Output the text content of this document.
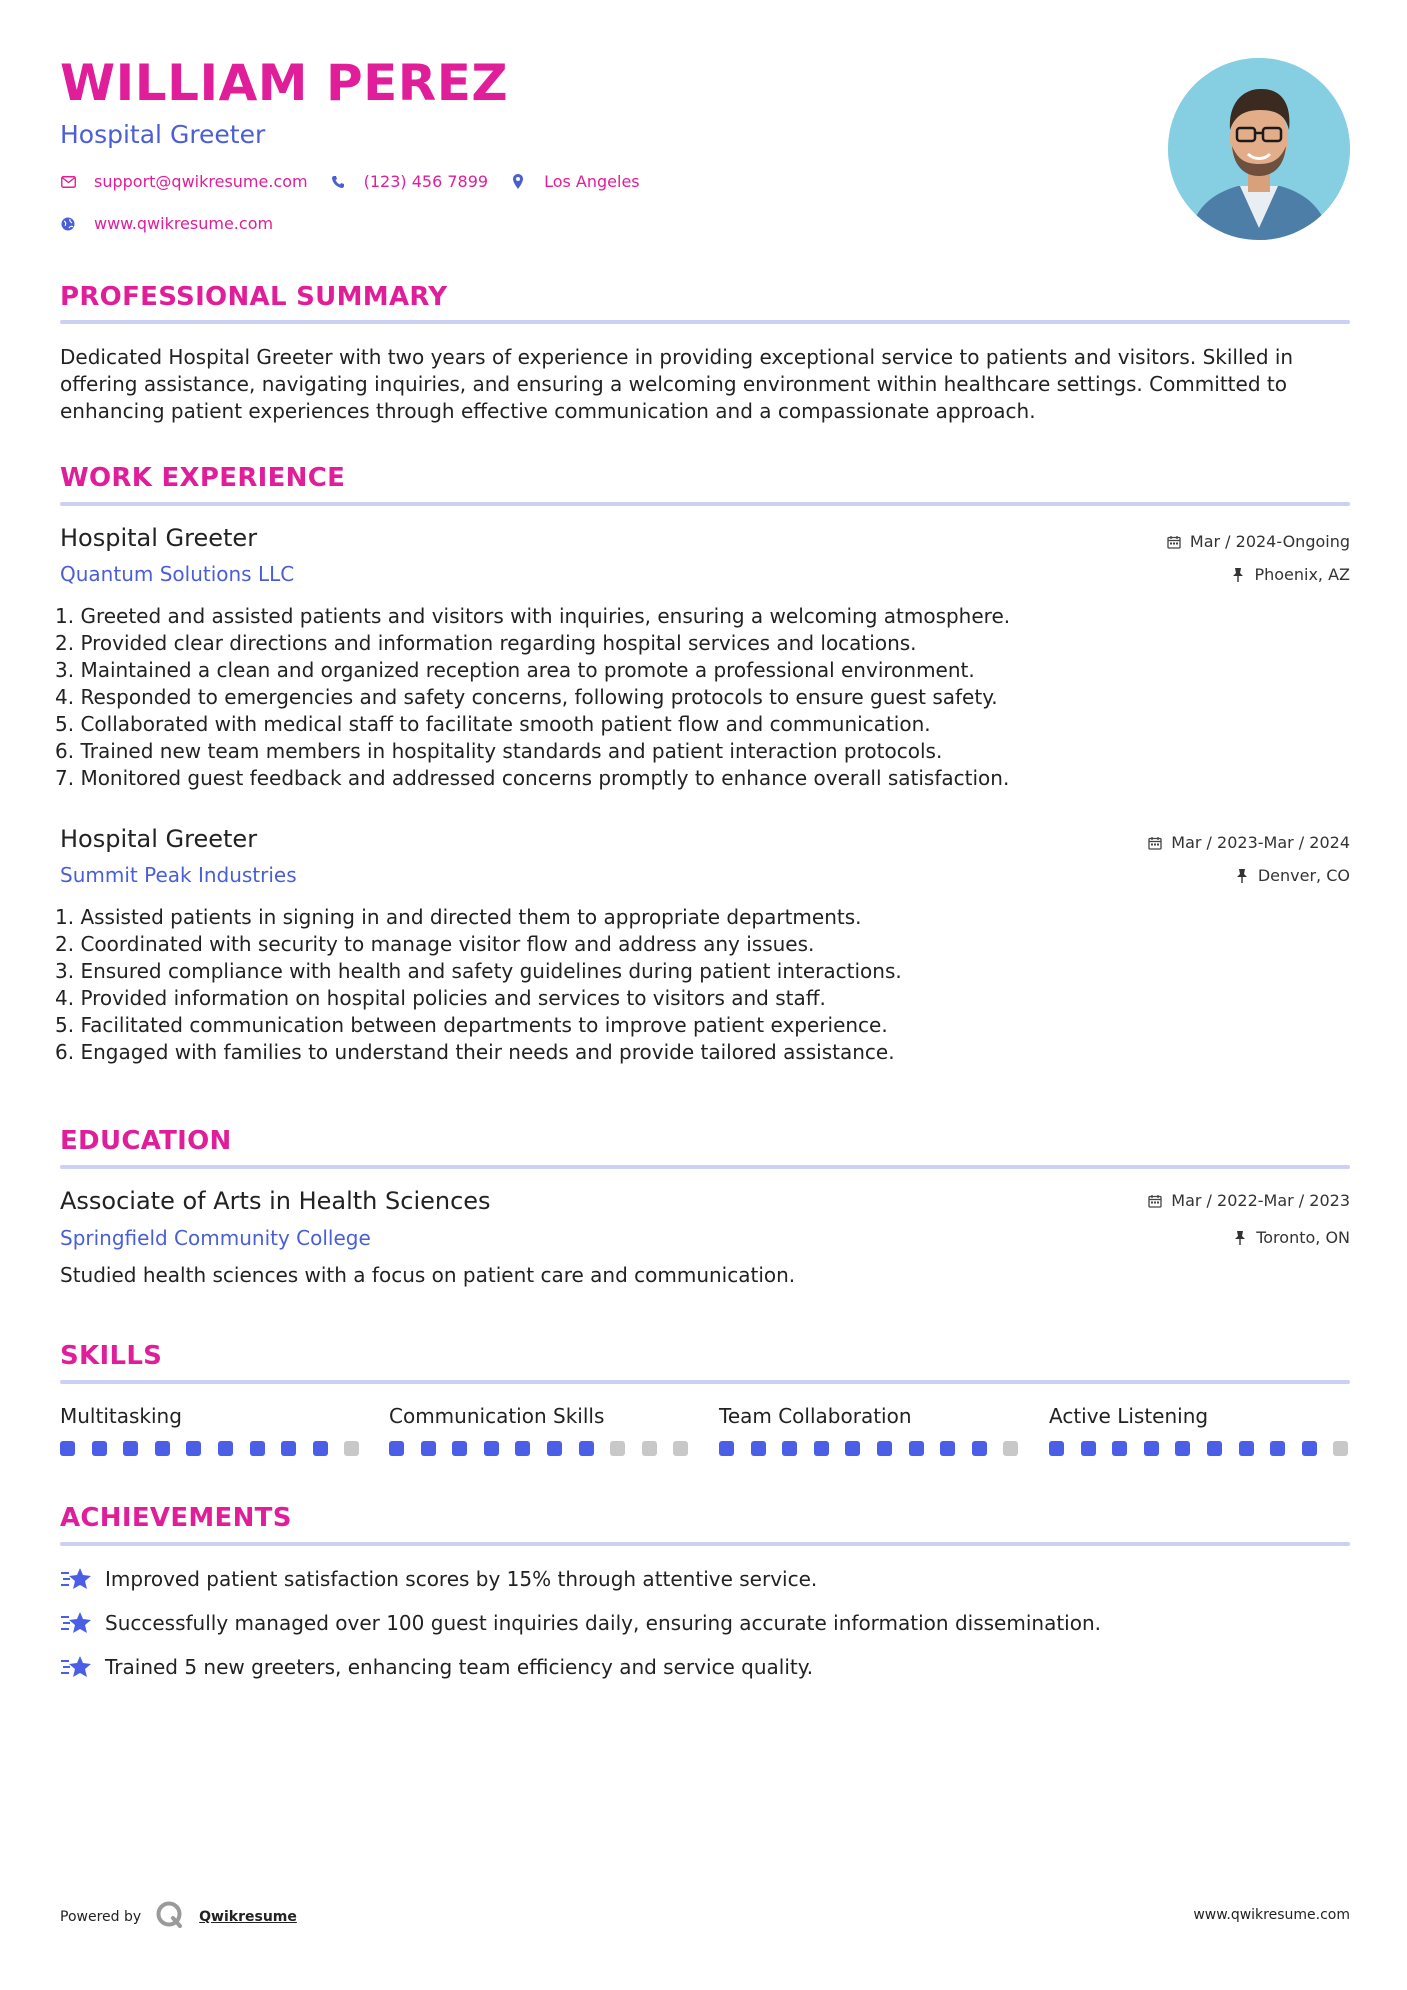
WILLIAM PEREZ
Hospital Greeter
support@qwikresume.com	(123) 456 7899	Los Angeles
www.qwikresume.com
PROFESSIONAL SUMMARY
Dedicated Hospital Greeter with two years of experience in providing exceptional service to patients and visitors. Skilled in
offering assistance, navigating inquiries, and ensuring a welcoming environment within healthcare settings. Committed to
enhancing patient experiences through effective communication and a compassionate approach.
WORK EXPERIENCE
Hospital Greeter
Quantum Solutions LLC
Mar / 2024-Ongoing
Phoenix, AZ
1. Greeted and assisted patients and visitors with inquiries, ensuring a welcoming atmosphere.
2. Provided clear directions and information regarding hospital services and locations.
3. Maintained a clean and organized reception area to promote a professional environment.
4. Responded to emergencies and safety concerns, following protocols to ensure guest safety.
5. Collaborated with medical staff to facilitate smooth patient flow and communication.
6. Trained new team members in hospitality standards and patient interaction protocols.
7. Monitored guest feedback and addressed concerns promptly to enhance overall satisfaction.
Hospital Greeter
Summit Peak Industries
Mar / 2023-Mar / 2024
Denver, CO
1. Assisted patients in signing in and directed them to appropriate departments.
2. Coordinated with security to manage visitor flow and address any issues.
3. Ensured compliance with health and safety guidelines during patient interactions.
4. Provided information on hospital policies and services to visitors and staff.
5. Facilitated communication between departments to improve patient experience.
6. Engaged with families to understand their needs and provide tailored assistance.
EDUCATION
Associate of Arts in Health Sciences
Springfield Community College
Mar / 2022-Mar / 2023
Toronto, ON
Studied health sciences with a focus on patient care and communication.
SKILLS
Multitasking	Communication Skills	Team Collaboration	Active Listening
ACHIEVEMENTS
Improved patient satisfaction scores by 15% through attentive service.
Successfully managed over 100 guest inquiries daily, ensuring accurate information dissemination.
Trained 5 new greeters, enhancing team efficiency and service quality.
Powered by	Qwikresume	www.qwikresume.com
